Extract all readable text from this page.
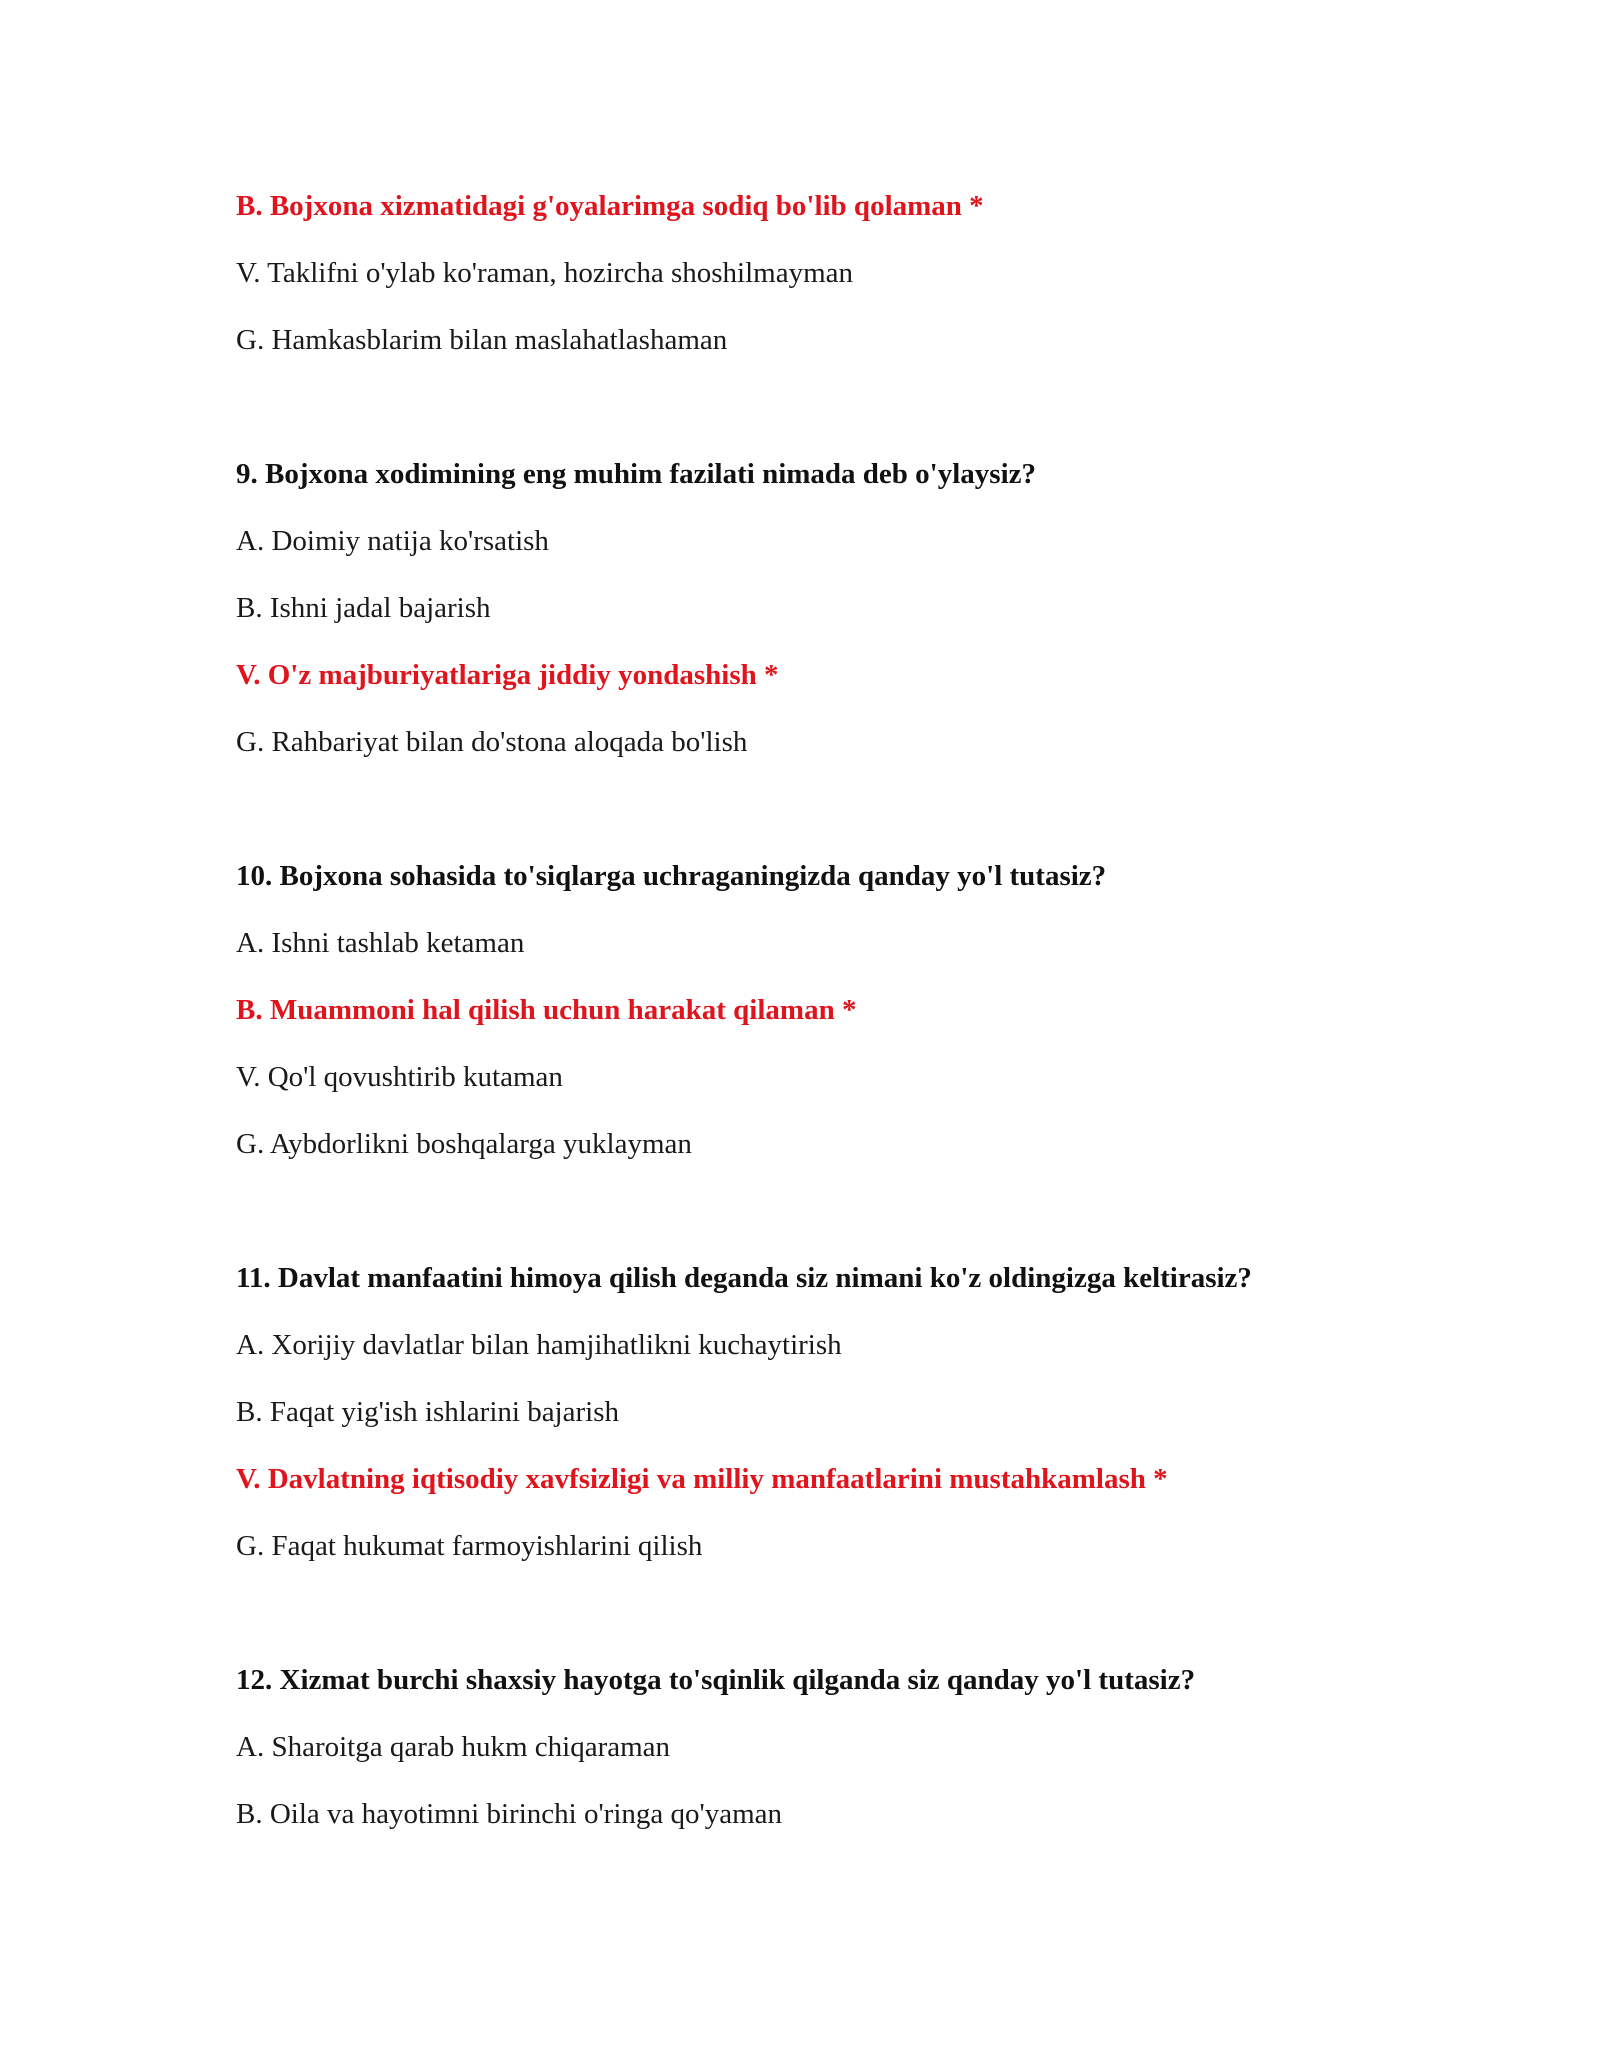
B. Bojxona xizmatidagi g'oyalarimga sodiq bo'lib qolaman *
V. Taklifni o'ylab ko'raman, hozircha shoshilmayman
G. Hamkasblarim bilan maslahatlashaman
9. Bojxona xodimining eng muhim fazilati nimada deb o'ylaysiz?
A. Doimiy natija ko'rsatish
B. Ishni jadal bajarish
V. O'z majburiyatlariga jiddiy yondashish *
G. Rahbariyat bilan do'stona aloqada bo'lish
10. Bojxona sohasida to'siqlarga uchraganingizda qanday yo'l tutasiz?
A. Ishni tashlab ketaman
B. Muammoni hal qilish uchun harakat qilaman *
V. Qo'l qovushtirib kutaman
G. Aybdorlikni boshqalarga yuklayman
11. Davlat manfaatini himoya qilish deganda siz nimani ko'z oldingizga keltirasiz?
A. Xorijiy davlatlar bilan hamjihatlikni kuchaytirish
B. Faqat yig'ish ishlarini bajarish
V. Davlatning iqtisodiy xavfsizligi va milliy manfaatlarini mustahkamlash *
G. Faqat hukumat farmoyishlarini qilish
12. Xizmat burchi shaxsiy hayotga to'sqinlik qilganda siz qanday yo'l tutasiz?
A. Sharoitga qarab hukm chiqaraman
B. Oila va hayotimni birinchi o'ringa qo'yaman
